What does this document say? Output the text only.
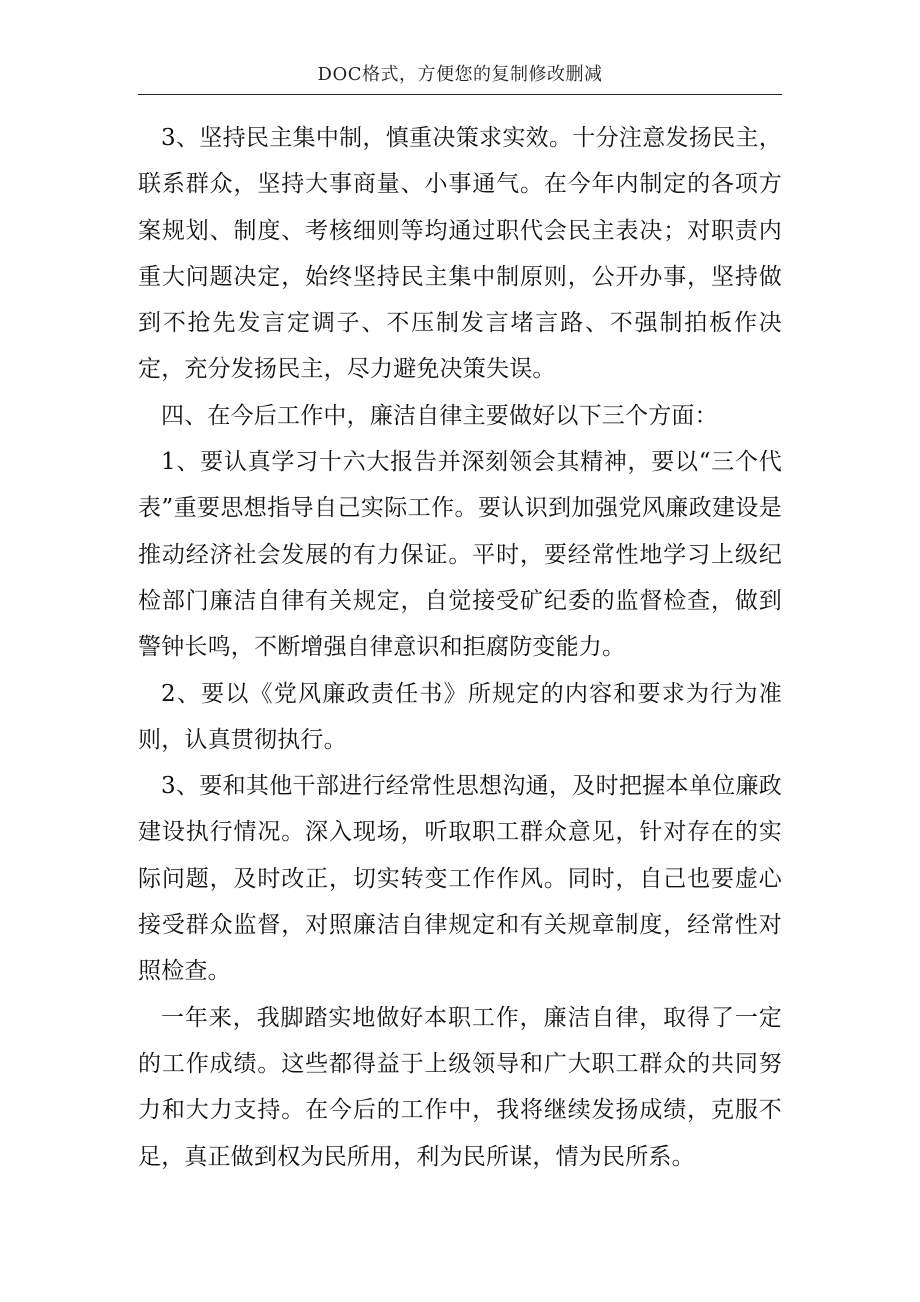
DOC格式，方便您的复制修改删减

3、坚持民主集中制，慎重决策求实效。十分注意发扬民主，联系群众，坚持大事商量、小事通气。在今年内制定的各项方案规划、制度、考核细则等均通过职代会民主表决；对职责内重大问题决定，始终坚持民主集中制原则，公开办事，坚持做到不抢先发言定调子、不压制发言堵言路、不强制拍板作决定，充分发扬民主，尽力避免决策失误。

四、在今后工作中，廉洁自律主要做好以下三个方面：

1、要认真学习十六大报告并深刻领会其精神，要以“三个代表”重要思想指导自己实际工作。要认识到加强党风廉政建设是推动经济社会发展的有力保证。平时，要经常性地学习上级纪检部门廉洁自律有关规定，自觉接受矿纪委的监督检查，做到警钟长鸣，不断增强自律意识和拒腐防变能力。

2、要以《党风廉政责任书》所规定的内容和要求为行为准则，认真贯彻执行。

3、要和其他干部进行经常性思想沟通，及时把握本单位廉政建设执行情况。深入现场，听取职工群众意见，针对存在的实际问题，及时改正，切实转变工作作风。同时，自己也要虚心接受群众监督，对照廉洁自律规定和有关规章制度，经常性对照检查。

一年来，我脚踏实地做好本职工作，廉洁自律，取得了一定的工作成绩。这些都得益于上级领导和广大职工群众的共同努力和大力支持。在今后的工作中，我将继续发扬成绩，克服不足，真正做到权为民所用，利为民所谋，情为民所系。
